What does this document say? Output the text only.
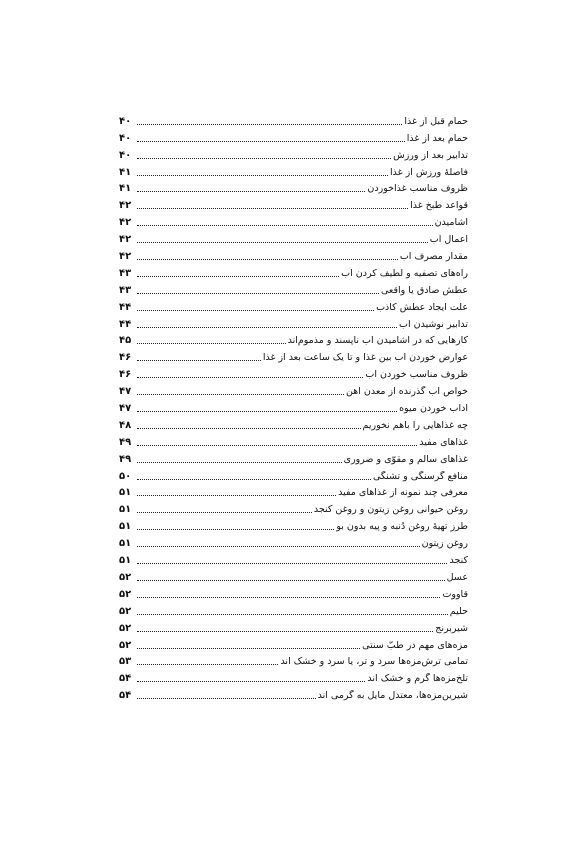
۴۰	حمام قبل از غذا
۴۰	حمام بعد از غذا
۴۰	تدابیر بعد از ورزش
۴۱	فاصلهٔ ورزش از غذا
۴۱	ظروف مناسب غذاخوردن
۴۲	قواعد طبخ غذا
۴۲	آشامیدن
۴۲	اعمال آب
۴۲	مقدار مصرف آب
۴۳	راه‌های تصفیه و لطیف کردن آب
۴۳	عطش صادق یا واقعی
۴۴	علت ایجاد عطش کاذب
۴۴	تدابیر نوشیدن آب
۴۵	کارهایی که در آشامیدن آب ناپسند و مذموم‌اند
۴۶	عوارض خوردن آب بین غذا و تا یک ساعت بعد از غذا
۴۶	ظروف مناسب خوردن آب
۴۷	خواص آب گذرنده از معدن آهن
۴۷	آداب خوردن میوه
۴۸	چه غذاهایی را باهم نخوریم
۴۹	غذاهای مفید
۴۹	غذاهای سالم و مقوّی و ضروری
۵۰	منافع گرسنگی و تشنگی
۵۱	معرفی چند نمونه از غذاهای مفید
۵۱	روغن حیوانی روغن زیتون و روغن کنجد
۵۱	طرز تهیهٔ روغن دُنبه و پیه بدون بو
۵۱	روغن زیتون
۵۱	کنجد
۵۲	عسل
۵۲	قاووت
۵۲	حلیم
۵۲	شیربرنج
۵۲	مزه‌های مهم در طبّ سنتی
۵۳	تمامی ترش‌مزه‌ها سرد و تر، یا سرد و خشک اند
۵۴	تلخ‌مزه‌ها گرم و خشک اند
۵۴	شیرین‌مزه‌ها، معتدل مایل به گرمی اند
